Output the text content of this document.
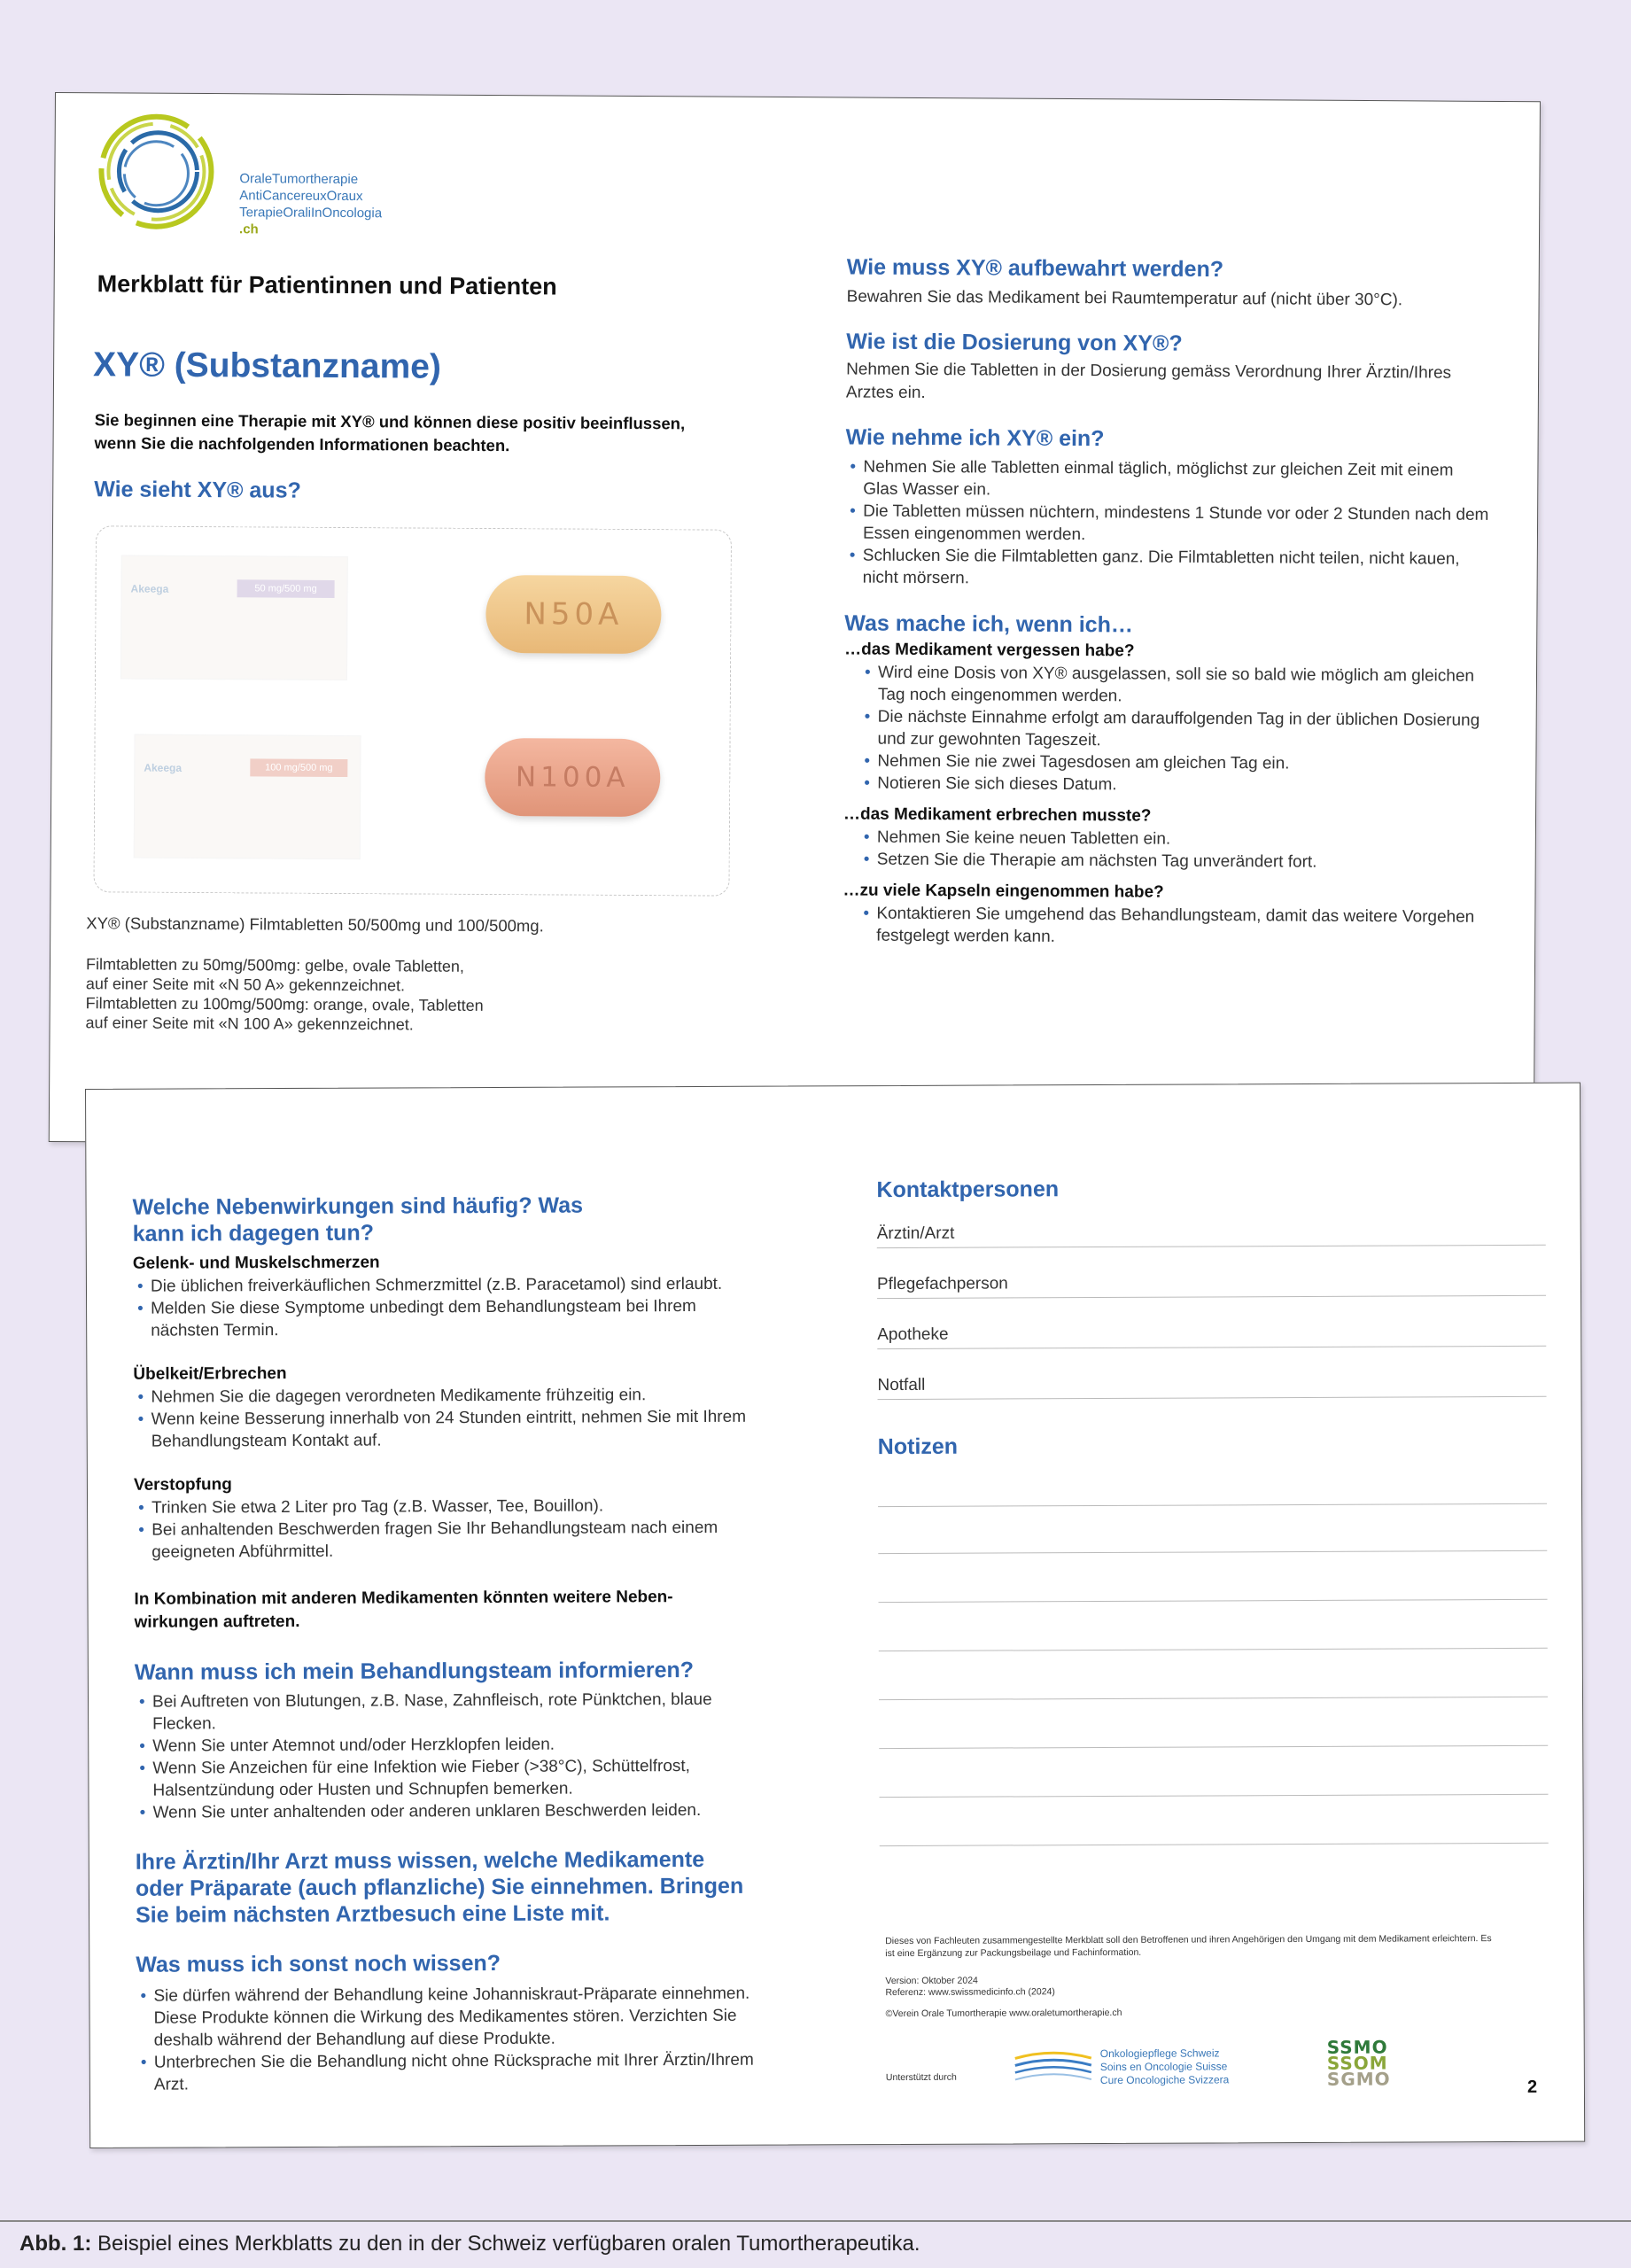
OraleTumortherapie
AntiCancereuxOraux
TerapieOraliInOncologia
.ch
Merkblatt für Patientinnen und Patienten
XY® (Substanzname)
Sie beginnen eine Therapie mit XY® und können diese positiv beeinflussen, wenn Sie die nachfolgenden Informationen beachten.
Wie sieht XY® aus?
Akeega	50 mg/500 mg
Akeega	100 mg/500 mg
N50A
N100A
XY® (Substanzname) Filmtabletten 50/500mg und 100/500mg.
Filmtabletten zu 50mg/500mg: gelbe, ovale Tabletten,
auf einer Seite mit «N 50 A» gekennzeichnet.
Filmtabletten zu 100mg/500mg: orange, ovale, Tabletten
auf einer Seite mit «N 100 A» gekennzeichnet.
Wie muss XY® aufbewahrt werden?
Bewahren Sie das Medikament bei Raumtemperatur auf (nicht über 30°C).
Wie ist die Dosierung von XY®?
Nehmen Sie die Tabletten in der Dosierung gemäss Verordnung Ihrer Ärztin/Ihres Arztes ein.
Wie nehme ich XY® ein?
• Nehmen Sie alle Tabletten einmal täglich, möglichst zur gleichen Zeit mit einem Glas Wasser ein.
• Die Tabletten müssen nüchtern, mindestens 1 Stunde vor oder 2 Stunden nach dem Essen eingenommen werden.
• Schlucken Sie die Filmtabletten ganz. Die Filmtabletten nicht teilen, nicht kauen, nicht mörsern.
Was mache ich, wenn ich…
…das Medikament vergessen habe?
• Wird eine Dosis von XY® ausgelassen, soll sie so bald wie möglich am gleichen Tag noch eingenommen werden.
• Die nächste Einnahme erfolgt am darauffolgenden Tag in der üblichen Dosierung und zur gewohnten Tageszeit.
• Nehmen Sie nie zwei Tagesdosen am gleichen Tag ein.
• Notieren Sie sich dieses Datum.
…das Medikament erbrechen musste?
• Nehmen Sie keine neuen Tabletten ein.
• Setzen Sie die Therapie am nächsten Tag unverändert fort.
…zu viele Kapseln eingenommen habe?
• Kontaktieren Sie umgehend das Behandlungsteam, damit das weitere Vorgehen festgelegt werden kann.
Welche Nebenwirkungen sind häufig? Was kann ich dagegen tun?
Gelenk- und Muskelschmerzen
• Die üblichen freiverkäuflichen Schmerzmittel (z.B. Paracetamol) sind erlaubt.
• Melden Sie diese Symptome unbedingt dem Behandlungsteam bei Ihrem nächsten Termin.
Übelkeit/Erbrechen
• Nehmen Sie die dagegen verordneten Medikamente frühzeitig ein.
• Wenn keine Besserung innerhalb von 24 Stunden eintritt, nehmen Sie mit Ihrem Behandlungsteam Kontakt auf.
Verstopfung
• Trinken Sie etwa 2 Liter pro Tag (z.B. Wasser, Tee, Bouillon).
• Bei anhaltenden Beschwerden fragen Sie Ihr Behandlungsteam nach einem geeigneten Abführmittel.
In Kombination mit anderen Medikamenten könnten weitere Neben-wirkungen auftreten.
Wann muss ich mein Behandlungsteam informieren?
• Bei Auftreten von Blutungen, z.B. Nase, Zahnfleisch, rote Pünktchen, blaue Flecken.
• Wenn Sie unter Atemnot und/oder Herzklopfen leiden.
• Wenn Sie Anzeichen für eine Infektion wie Fieber (>38°C), Schüttelfrost, Halsentzündung oder Husten und Schnupfen bemerken.
• Wenn Sie unter anhaltenden oder anderen unklaren Beschwerden leiden.
Ihre Ärztin/Ihr Arzt muss wissen, welche Medikamente oder Präparate (auch pflanzliche) Sie einnehmen. Bringen Sie beim nächsten Arztbesuch eine Liste mit.
Was muss ich sonst noch wissen?
• Sie dürfen während der Behandlung keine Johanniskraut-Präparate einnehmen. Diese Produkte können die Wirkung des Medikamentes stören. Verzichten Sie deshalb während der Behandlung auf diese Produkte.
• Unterbrechen Sie die Behandlung nicht ohne Rücksprache mit Ihrer Ärztin/Ihrem Arzt.
Kontaktpersonen
Ärztin/Arzt
Pflegefachperson
Apotheke
Notfall
Notizen
Dieses von Fachleuten zusammengestellte Merkblatt soll den Betroffenen und ihren Angehörigen den Umgang mit dem Medikament erleichtern. Es ist eine Ergänzung zur Packungsbeilage und Fachinformation.
Version: Oktober 2024
Referenz: www.swissmedicinfo.ch (2024)
©Verein Orale Tumortherapie www.oraletumortherapie.ch
Unterstützt durch
Onkologiepflege Schweiz
Soins en Oncologie Suisse
Cure Oncologiche Svizzera
SSMO
SSOM
SGMO	2
Abb. 1: Beispiel eines Merkblatts zu den in der Schweiz verfügbaren oralen Tumortherapeutika.
